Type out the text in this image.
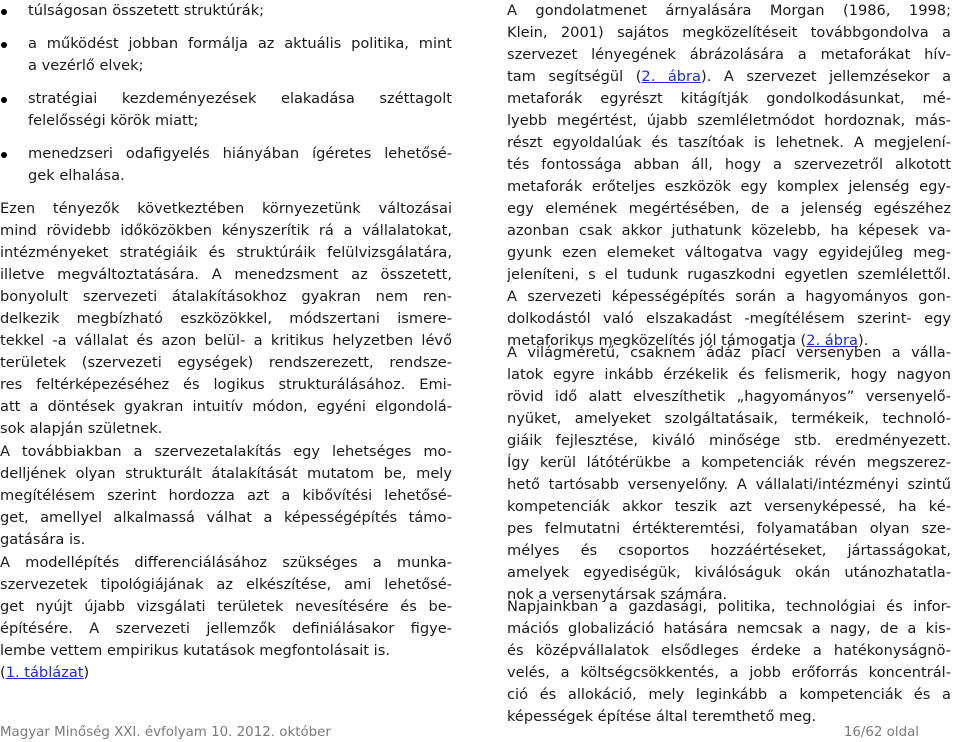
túlságosan összetett struktúrák;
a működést jobban formálja az aktuális politika, mint
a vezérlő elvek;
stratégiai kezdeményezések elakadása széttagolt
felelősségi körök miatt;
menedzseri odafigyelés hiányában ígéretes lehetősé-
gek elhalása.
Ezen tényezők következtében környezetünk változásai
mind rövidebb időközökben kényszerítik rá a vállalatokat,
intézményeket stratégiáik és struktúráik felülvizsgálatára,
illetve megváltoztatására. A menedzsment az összetett,
bonyolult szervezeti átalakításokhoz gyakran nem ren-
delkezik megbízható eszközökkel, módszertani ismere-
tekkel -a vállalat és azon belül- a kritikus helyzetben lévő
területek (szervezeti egységek) rendszerezett, rendsze-
res feltérképezéséhez és logikus strukturálásához. Emi-
att a döntések gyakran intuitív módon, egyéni elgondolá-
sok alapján születnek.
A továbbiakban a szervezetalakítás egy lehetséges mo-
delljének olyan strukturált átalakítását mutatom be, mely
megítélésem szerint hordozza azt a kibővítési lehetősé-
get, amellyel alkalmassá válhat a képességépítés támo-
gatására is.
A modellépítés differenciálásához szükséges a munka-
szervezetek tipológiájának az elkészítése, ami lehetősé-
get nyújt újabb vizsgálati területek nevesítésére és be-
építésére. A szervezeti jellemzők definiálásakor figye-
lembe vettem empirikus kutatások megfontolásait is.
(1. táblázat)
A gondolatmenet árnyalására Morgan (1986, 1998;
Klein, 2001) sajátos megközelítéseit továbbgondolva a
szervezet lényegének ábrázolására a metaforákat hív-
tam segítségül (2. ábra). A szervezet jellemzésekor a
metaforák egyrészt kitágítják gondolkodásunkat, mé-
lyebb megértést, újabb szemléletmódot hordoznak, más-
részt egyoldalúak és taszítóak is lehetnek. A megjelení-
tés fontossága abban áll, hogy a szervezetről alkotott
metaforák erőteljes eszközök egy komplex jelenség egy-
egy elemének megértésében, de a jelenség egészéhez
azonban csak akkor juthatunk közelebb, ha képesek va-
gyunk ezen elemeket váltogatva vagy egyidejűleg meg-
jeleníteni, s el tudunk rugaszkodni egyetlen szemlélettől.
A szervezeti képességépítés során a hagyományos gon-
dolkodástól való elszakadást -megítélésem szerint- egy
metaforikus megközelítés jól támogatja (2. ábra).
A világméretű, csaknem ádáz piaci versenyben a válla-
latok egyre inkább érzékelik és felismerik, hogy nagyon
rövid idő alatt elveszíthetik „hagyományos” versenyelő-
nyüket, amelyeket szolgáltatásaik, termékeik, technoló-
giáik fejlesztése, kiváló minősége stb. eredményezett.
Így kerül látótérükbe a kompetenciák révén megszerez-
hető tartósabb versenyelőny. A vállalati/intézményi szintű
kompetenciák akkor teszik azt versenyképessé, ha ké-
pes felmutatni értékteremtési, folyamatában olyan sze-
mélyes és csoportos hozzáértéseket, jártasságokat,
amelyek egyediségük, kiválóságuk okán utánozhatatla-
nok a versenytársak számára.
Napjainkban a gazdasági, politika, technológiai és infor-
mációs globalizáció hatására nemcsak a nagy, de a kis-
és középvállalatok elsődleges érdeke a hatékonyságnö-
velés, a költségcsökkentés, a jobb erőforrás koncentrál-
ció és allokáció, mely leginkább a kompetenciák és a
képességek építése által teremthető meg.
Magyar Minőség XXI. évfolyam 10. 2012. október	16/62 oldal
